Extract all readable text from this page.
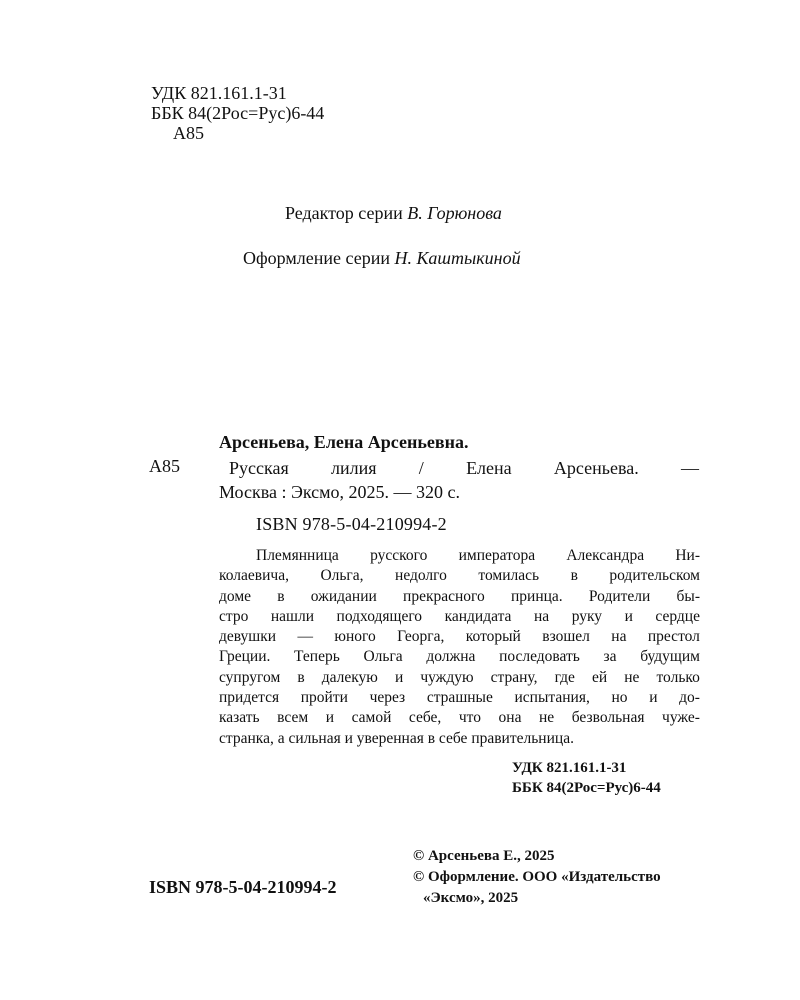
УДК 821.161.1-31
ББК 84(2Рос=Рус)6-44
А85
Редактор серии В. Горюнова
Оформление серии Н. Каштыкиной
Арсеньева, Елена Арсеньевна.
А85	Русская лилия / Елена Арсеньева. —
Москва : Эксмо, 2025. — 320 с.
ISBN 978-5-04-210994-2
Племянница русского императора Александра Ни-
колаевича, Ольга, недолго томилась в родительском
доме в ожидании прекрасного принца. Родители бы-
стро нашли подходящего кандидата на руку и сердце
девушки — юного Георга, который взошел на престол
Греции. Теперь Ольга должна последовать за будущим
супругом в далекую и чуждую страну, где ей не только
придется пройти через страшные испытания, но и до-
казать всем и самой себе, что она не безвольная чуже-
странка, а сильная и уверенная в себе правительница.
УДК 821.161.1-31
ББК 84(2Рос=Рус)6-44
© Арсеньева Е., 2025
© Оформление. ООО «Издательство
«Эксмо», 2025
ISBN 978-5-04-210994-2
